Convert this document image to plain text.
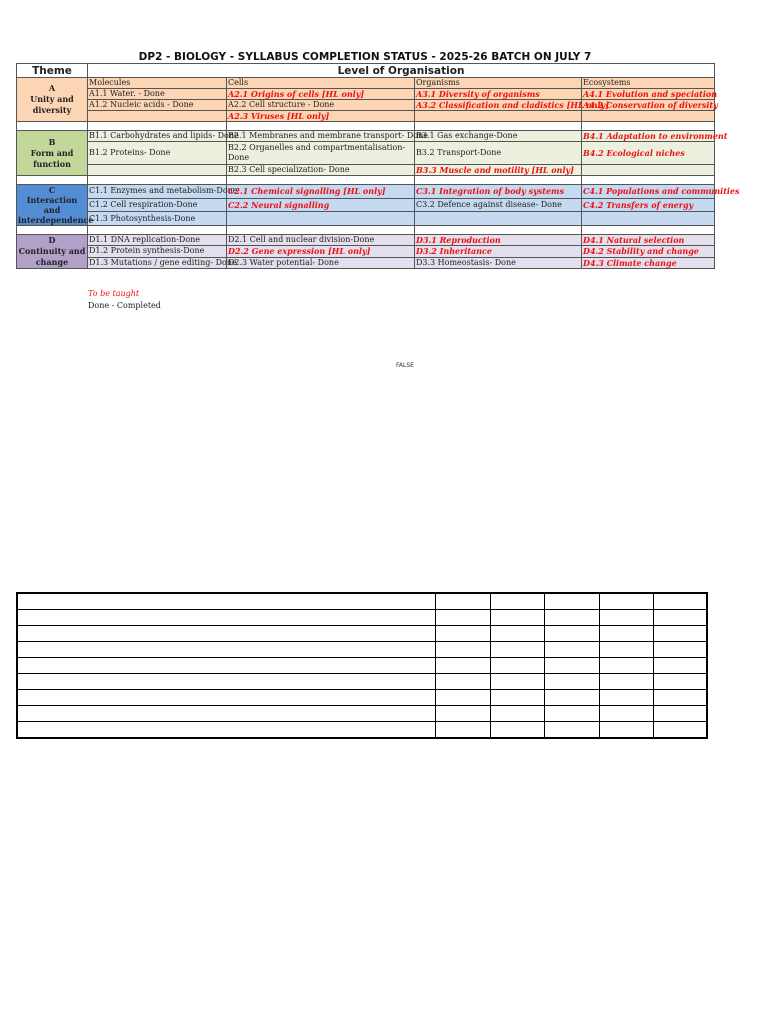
DP2 - BIOLOGY - SYLLABUS COMPLETION STATUS - 2025-26 BATCH ON JULY 7
Theme	Level of Organisation			
A
Unity and diversity	Molecules	Cells	Organisms	Ecosystems
	A1.1 Water. - Done	A2.1 Origins of cells [HL only]	A3.1 Diversity of organisms	A4.1 Evolution and speciation
	A1.2 Nucleic acids - Done	A2.2 Cell structure - Done	A3.2 Classification and cladistics [HL only]	A4.2 Conservation of diversity
		A2.3 Viruses [HL only]		

B
Form and function	B1.1 Carbohydrates and lipids- Done	B2.1 Membranes and membrane transport- Done	B3.1 Gas exchange-Done	B4.1 Adaptation to environment
	B1.2 Proteins- Done	B2.2 Organelles and compartmentalisation-Done	B3.2 Transport-Done	B4.2 Ecological niches
		B2.3 Cell specialization- Done	B3.3 Muscle and motility [HL only]	

C
Interaction and interdependence	C1.1 Enzymes and metabolism-Done	C2.1 Chemical signalling [HL only]	C3.1 Integration of body systems	C4.1 Populations and communities
	C1.2 Cell respiration-Done	C2.2 Neural signalling	C3.2 Defence against disease- Done	C4.2 Transfers of energy
	C1.3 Photosynthesis-Done			

D
Continuity and change	D1.1 DNA replication-Done	D2.1 Cell and nuclear division-Done	D3.1 Reproduction	D4.1 Natural selection
	D1.2 Protein synthesis-Done	D2.2 Gene expression [HL only]	D3.2 Inheritance	D4.2 Stability and change
	D1.3 Mutations / gene editing- Done	D2.3 Water potential- Done	D3.3 Homeostasis- Done	D4.3 Climate change
To be taught
Done - Completed
FALSE
